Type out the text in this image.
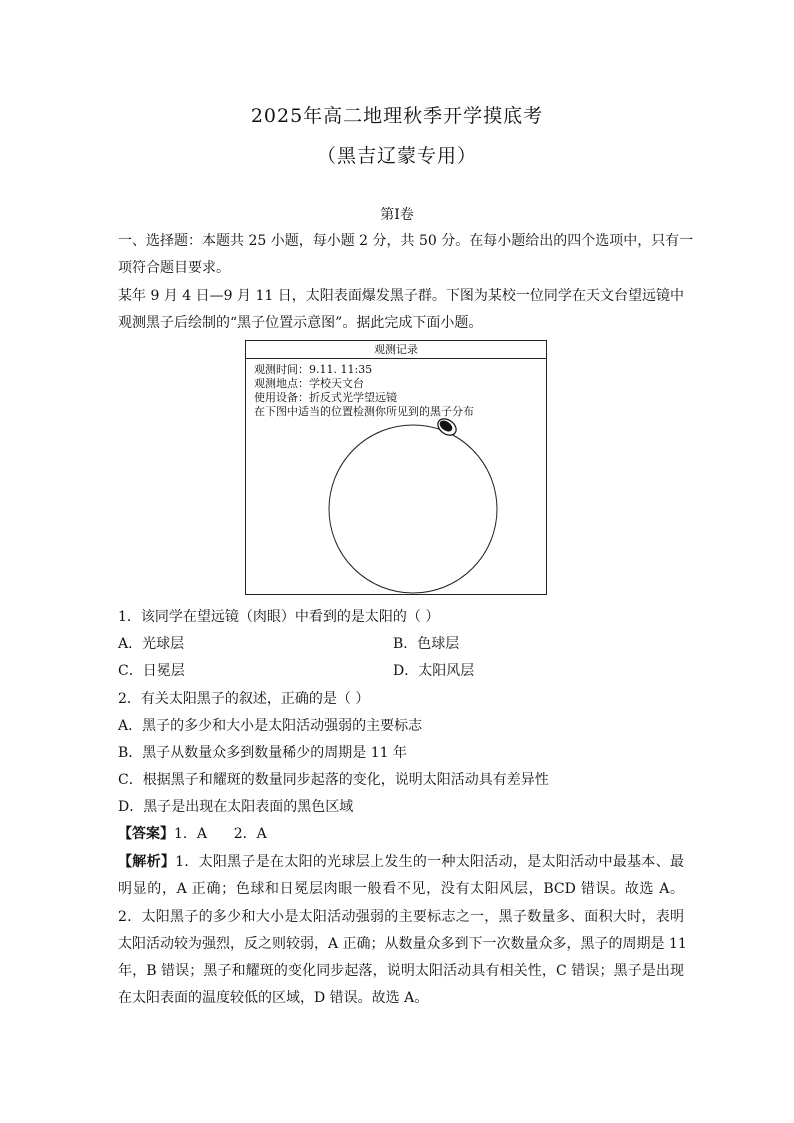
2025年高二地理秋季开学摸底考
（黑吉辽蒙专用）
第Ⅰ卷
一、选择题：本题共 25 小题，每小题 2 分，共 50 分。在每小题给出的四个选项中，只有一
项符合题目要求。
某年 9 月 4 日—9 月 11 日，太阳表面爆发黑子群。下图为某校一位同学在天文台望远镜中
观测黑子后绘制的“黑子位置示意图”。据此完成下面小题。
观测记录
观测时间：9.11. 11:35
观测地点：学校天文台
使用设备：折反式光学望远镜
在下图中适当的位置检测你所见到的黑子分布
1．该同学在望远镜（肉眼）中看到的是太阳的（ ）
A．光球层	B．色球层
C．日冕层	D．太阳风层
2．有关太阳黑子的叙述，正确的是（ ）
A．黑子的多少和大小是太阳活动强弱的主要标志
B．黑子从数量众多到数量稀少的周期是 11 年
C．根据黑子和耀斑的数量同步起落的变化，说明太阳活动具有差异性
D．黑子是出现在太阳表面的黑色区域
【答案】1．A      2．A
【解析】1．太阳黑子是在太阳的光球层上发生的一种太阳活动，是太阳活动中最基本、最
明显的，A 正确；色球和日冕层肉眼一般看不见，没有太阳风层，BCD 错误。故选 A。
2．太阳黑子的多少和大小是太阳活动强弱的主要标志之一，黑子数量多、面积大时，表明
太阳活动较为强烈，反之则较弱，A 正确；从数量众多到下一次数量众多，黑子的周期是 11
年，B 错误；黑子和耀斑的变化同步起落，说明太阳活动具有相关性，C 错误；黑子是出现
在太阳表面的温度较低的区域，D 错误。故选 A。
